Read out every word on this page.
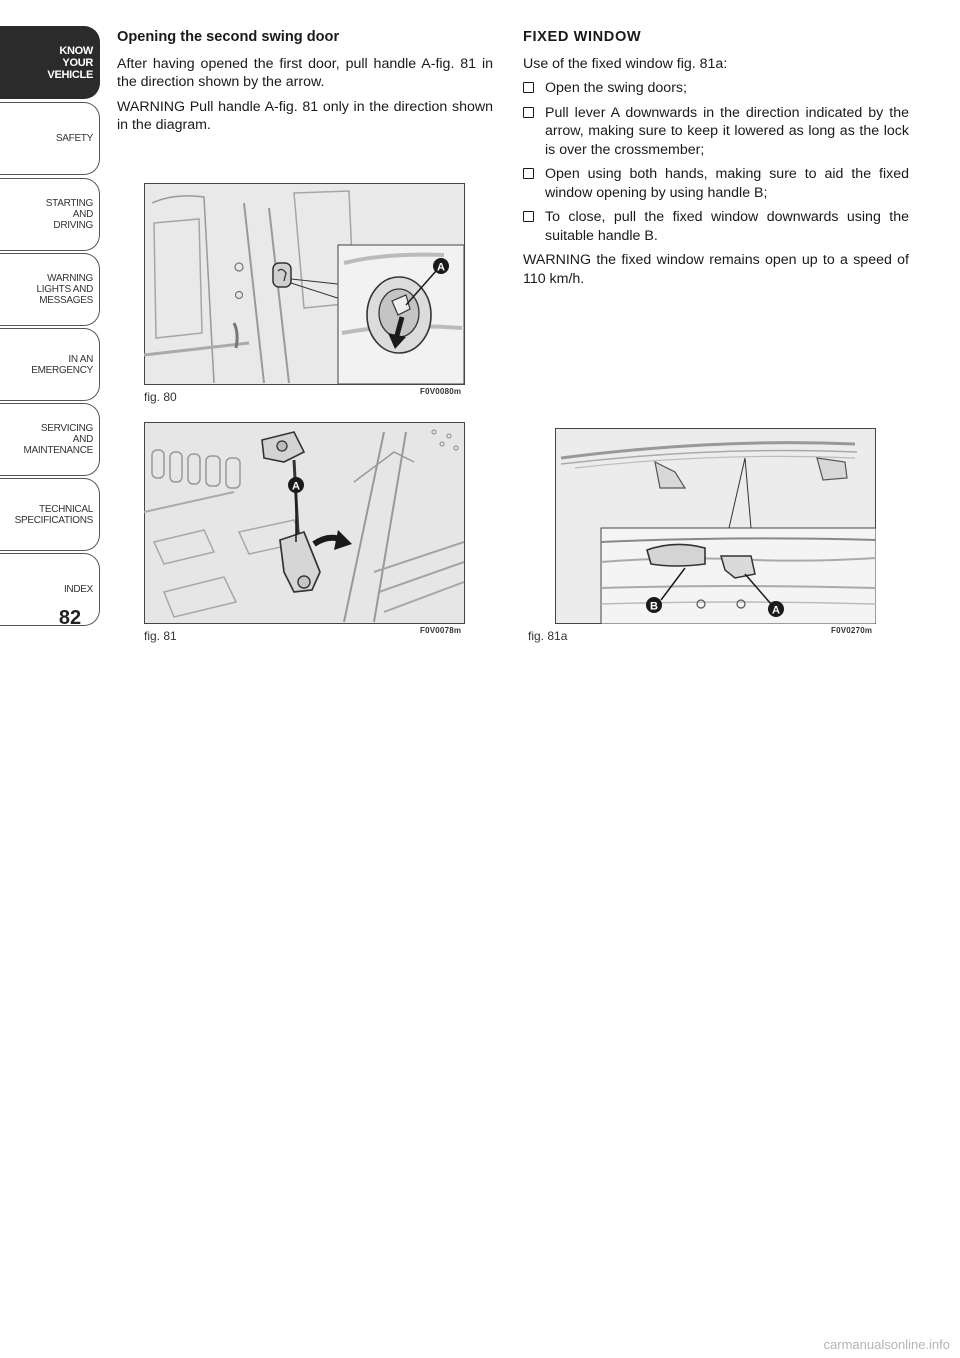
KNOW
YOUR
VEHICLE
SAFETY
STARTING
AND
DRIVING
WARNING
LIGHTS AND
MESSAGES
IN AN
EMERGENCY
SERVICING
AND
MAINTENANCE
TECHNICAL
SPECIFICATIONS
INDEX
82
Opening the second swing door

After having opened the first door, pull handle A-fig. 81 in the direction shown by the arrow.

WARNING Pull handle A-fig. 81 only in the direction shown in the diagram.

FIXED WINDOW

Use of the fixed window fig. 81a:

Open the swing doors;
Pull lever A downwards in the direction indicated by the arrow, making sure to keep it lowered as long as the lock is over the crossmember;
Open using both hands, making sure to aid the fixed window opening by using handle B;
To close, pull the fixed window downwards using the suitable handle B.

WARNING the fixed window remains open up to a speed of 110 km/h.

A
fig. 80	F0V0080m
A
fig. 81	F0V0078m
B	A
fig. 81a	F0V0270m
carmanualsonline.info
